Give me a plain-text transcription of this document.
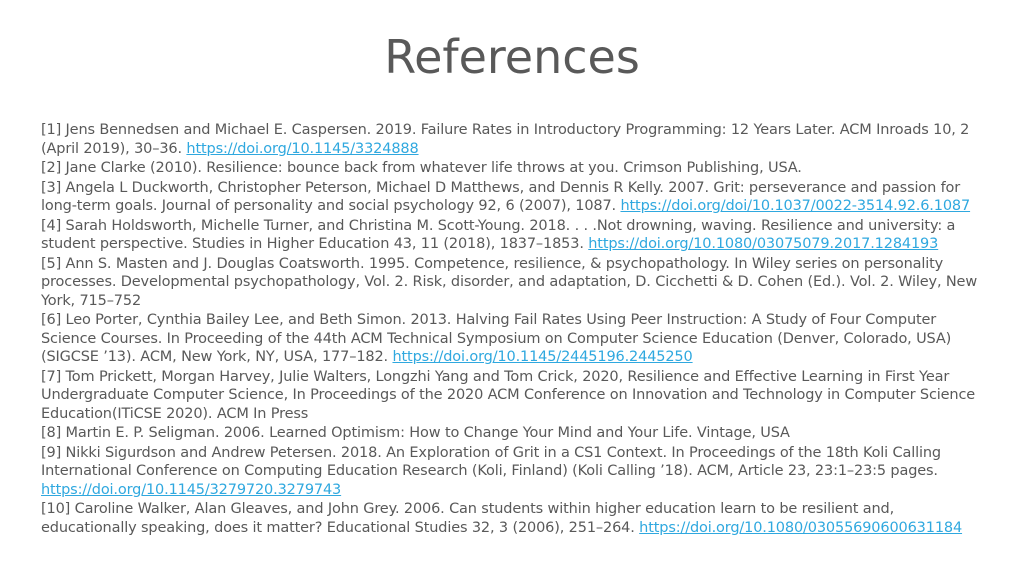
References
[1] Jens Bennedsen and Michael E. Caspersen. 2019. Failure Rates in Introductory Programming: 12 Years Later. ACM Inroads 10, 2 (April 2019), 30–36. https://doi.org/10.1145/3324888
[2] Jane Clarke (2010). Resilience: bounce back from whatever life throws at you. Crimson Publishing, USA.
[3] Angela L Duckworth, Christopher Peterson, Michael D Matthews, and Dennis R Kelly. 2007. Grit: perseverance and passion for long-term goals. Journal of personality and social psychology 92, 6 (2007), 1087. https://doi.org/doi/10.1037/0022-3514.92.6.1087
[4] Sarah Holdsworth, Michelle Turner, and Christina M. Scott-Young. 2018. . . .Not drowning, waving. Resilience and university: a student perspective. Studies in Higher Education 43, 11 (2018), 1837–1853. https://doi.org/10.1080/03075079.2017.1284193
[5] Ann S. Masten and J. Douglas Coatsworth. 1995. Competence, resilience, & psychopathology. In Wiley series on personality processes. Developmental psychopathology, Vol. 2. Risk, disorder, and adaptation, D. Cicchetti & D. Cohen (Ed.). Vol. 2. Wiley, New York, 715–752
[6] Leo Porter, Cynthia Bailey Lee, and Beth Simon. 2013. Halving Fail Rates Using Peer Instruction: A Study of Four Computer Science Courses. In Proceeding of the 44th ACM Technical Symposium on Computer Science Education (Denver, Colorado, USA) (SIGCSE ’13). ACM, New York, NY, USA, 177–182. https://doi.org/10.1145/2445196.2445250
[7] Tom Prickett, Morgan Harvey, Julie Walters, Longzhi Yang and Tom Crick, 2020, Resilience and Effective Learning in First Year Undergraduate Computer Science, In Proceedings of the 2020 ACM Conference on Innovation and Technology in Computer Science Education(ITiCSE 2020). ACM In Press
[8] Martin E. P. Seligman. 2006. Learned Optimism: How to Change Your Mind and Your Life. Vintage, USA
[9] Nikki Sigurdson and Andrew Petersen. 2018. An Exploration of Grit in a CS1 Context. In Proceedings of the 18th Koli Calling International Conference on Computing Education Research (Koli, Finland) (Koli Calling ’18). ACM, Article 23, 23:1–23:5 pages. https://doi.org/10.1145/3279720.3279743
[10] Caroline Walker, Alan Gleaves, and John Grey. 2006. Can students within higher education learn to be resilient and, educationally speaking, does it matter? Educational Studies 32, 3 (2006), 251–264. https://doi.org/10.1080/03055690600631184
